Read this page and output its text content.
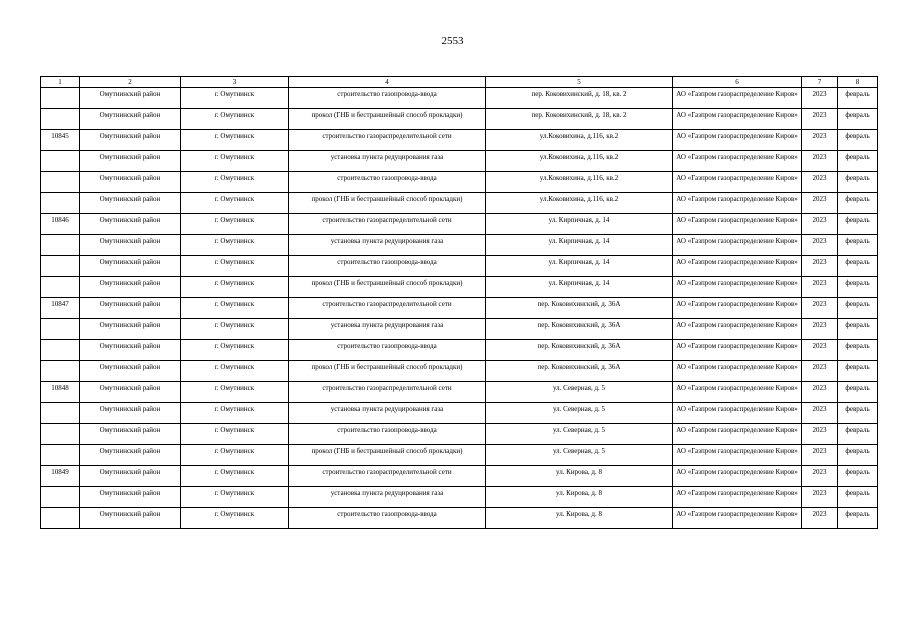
2553
1	2	3	4	5	6	7	8
	Омутнинский район	г. Омутнинск	строительство газопровода-ввода	пер. Коковихинский, д. 18, кв. 2	АО «Газпром газораспределение Киров»	2023	февраль
	Омутнинский район	г. Омутнинск	прокол (ГНБ и бестраншейный способ прокладки)	пер. Коковихинский, д. 18, кв. 2	АО «Газпром газораспределение Киров»	2023	февраль
10845	Омутнинский район	г. Омутнинск	строительство газораспределительной сети	ул.Коковихина, д.116, кв.2	АО «Газпром газораспределение Киров»	2023	февраль
	Омутнинский район	г. Омутнинск	установка пункта редуцирования газа	ул.Коковихина, д.116, кв.2	АО «Газпром газораспределение Киров»	2023	февраль
	Омутнинский район	г. Омутнинск	строительство газопровода-ввода	ул.Коковихина, д.116, кв.2	АО «Газпром газораспределение Киров»	2023	февраль
	Омутнинский район	г. Омутнинск	прокол (ГНБ и бестраншейный способ прокладки)	ул.Коковихина, д.116, кв.2	АО «Газпром газораспределение Киров»	2023	февраль
10846	Омутнинский район	г. Омутнинск	строительство газораспределительной сети	ул. Кирпичная, д. 14	АО «Газпром газораспределение Киров»	2023	февраль
	Омутнинский район	г. Омутнинск	установка пункта редуцирования газа	ул. Кирпичная, д. 14	АО «Газпром газораспределение Киров»	2023	февраль
	Омутнинский район	г. Омутнинск	строительство газопровода-ввода	ул. Кирпичная, д. 14	АО «Газпром газораспределение Киров»	2023	февраль
	Омутнинский район	г. Омутнинск	прокол (ГНБ и бестраншейный способ прокладки)	ул. Кирпичная, д. 14	АО «Газпром газораспределение Киров»	2023	февраль
10847	Омутнинский район	г. Омутнинск	строительство газораспределительной сети	пер. Коковихинский, д. 36А	АО «Газпром газораспределение Киров»	2023	февраль
	Омутнинский район	г. Омутнинск	установка пункта редуцирования газа	пер. Коковихинский, д. 36А	АО «Газпром газораспределение Киров»	2023	февраль
	Омутнинский район	г. Омутнинск	строительство газопровода-ввода	пер. Коковихинский, д. 36А	АО «Газпром газораспределение Киров»	2023	февраль
	Омутнинский район	г. Омутнинск	прокол (ГНБ и бестраншейный способ прокладки)	пер. Коковихинский, д. 36А	АО «Газпром газораспределение Киров»	2023	февраль
10848	Омутнинский район	г. Омутнинск	строительство газораспределительной сети	ул. Северная, д. 5	АО «Газпром газораспределение Киров»	2023	февраль
	Омутнинский район	г. Омутнинск	установка пункта редуцирования газа	ул. Северная, д. 5	АО «Газпром газораспределение Киров»	2023	февраль
	Омутнинский район	г. Омутнинск	строительство газопровода-ввода	ул. Северная, д. 5	АО «Газпром газораспределение Киров»	2023	февраль
	Омутнинский район	г. Омутнинск	прокол (ГНБ и бестраншейный способ прокладки)	ул. Северная, д. 5	АО «Газпром газораспределение Киров»	2023	февраль
10849	Омутнинский район	г. Омутнинск	строительство газораспределительной сети	ул. Кирова, д. 8	АО «Газпром газораспределение Киров»	2023	февраль
	Омутнинский район	г. Омутнинск	установка пункта редуцирования газа	ул. Кирова, д. 8	АО «Газпром газораспределение Киров»	2023	февраль
	Омутнинский район	г. Омутнинск	строительство газопровода-ввода	ул. Кирова, д. 8	АО «Газпром газораспределение Киров»	2023	февраль
